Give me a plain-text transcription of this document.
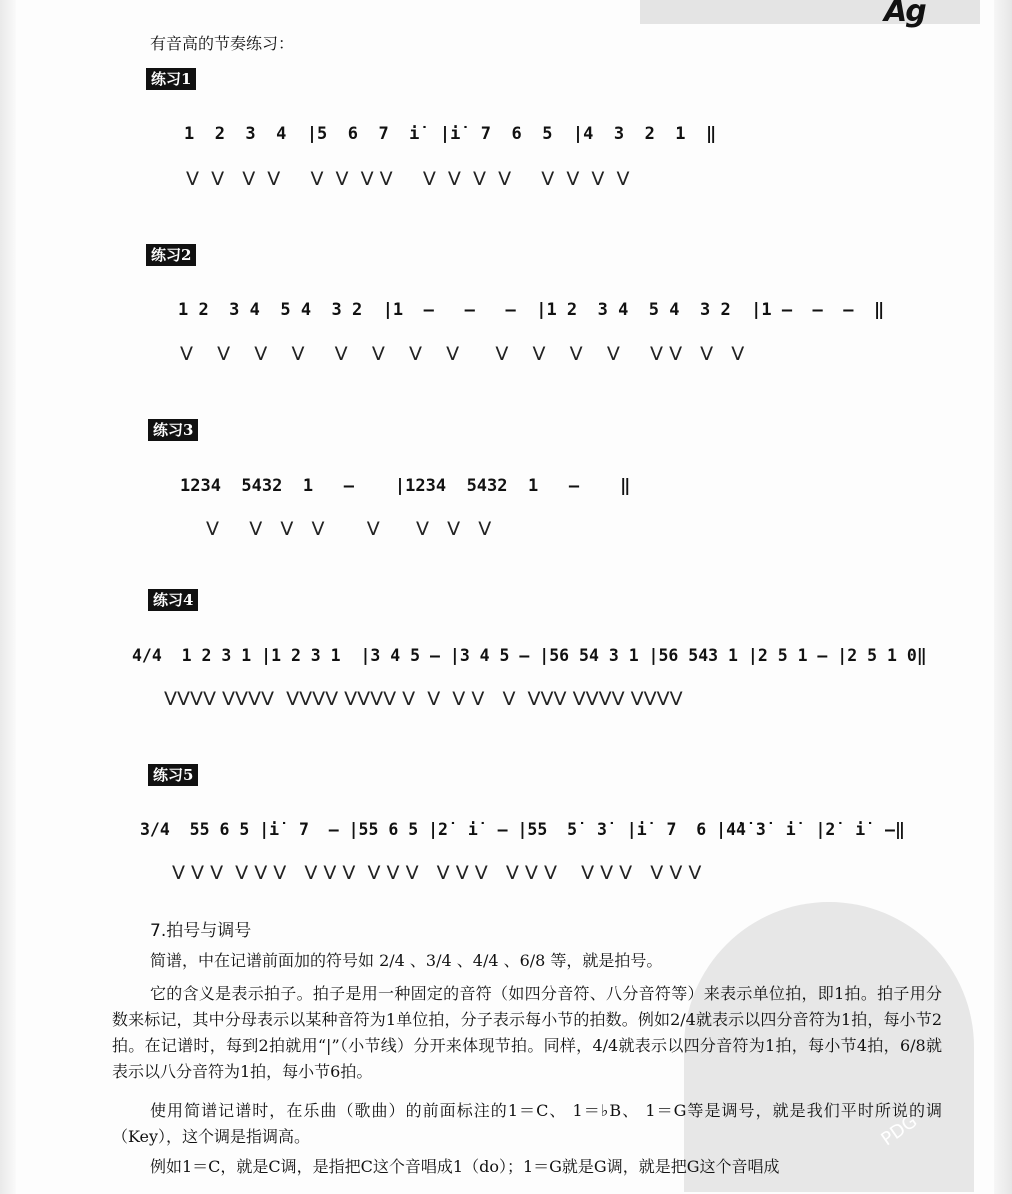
Ag
有音高的节奏练习：
练习1
1  2  3  4  |5  6  7  i̇  |i̇  7  6  5  |4  3  2  1  ‖
V  V   V  V     V  V  V V     V  V  V  V     V  V  V  V
练习2
1 2  3 4  5 4  3 2  |1  –   –   –  |1 2  3 4  5 4  3 2  |1 –  –  –  ‖
V    V    V    V     V    V    V    V      V    V    V    V     V V   V   V
练习3
1234  5432  1   –    |1234  5432  1   –    ‖
V     V   V   V       V      V   V   V
练习4
4/4  1 2 3 1 |1 2 3 1  |3 4 5 – |3 4 5 – |56 54 3 1 |56 543 1 |2 5 1 – |2 5 1 0‖
VVVV VVVV  VVVV VVVV V  V  V V   V  VVV VVVV VVVV
练习5
3/4  55 6 5 |i̇  7  – |55 6 5 |2̇  i̇  – |55  5̇  3̇  |i̇  7  6 |4̇4̇ 3̇  i̇  |2̇  i̇  –‖
V V V  V V V   V V V  V V V   V V V   V V V    V V V   V V V
PDG
7.拍号与调号
简谱，中在记谱前面加的符号如 2/4 、3/4 、4/4 、6/8 等，就是拍号。
它的含义是表示拍子。拍子是用一种固定的音符（如四分音符、八分音符等）来表示单位拍，即1拍。拍子用分数来标记，其中分母表示以某种音符为1单位拍，分子表示每小节的拍数。例如2/4就表示以四分音符为1拍，每小节2拍。在记谱时，每到2拍就用“|”（小节线）分开来体现节拍。同样，4/4就表示以四分音符为1拍，每小节4拍，6/8就表示以八分音符为1拍，每小节6拍。
使用简谱记谱时，在乐曲（歌曲）的前面标注的1＝C、 1＝♭B、 1＝G等是调号，就是我们平时所说的调（Key），这个调是指调高。
例如1＝C，就是C调，是指把C这个音唱成1（do）；1＝G就是G调，就是把G这个音唱成
